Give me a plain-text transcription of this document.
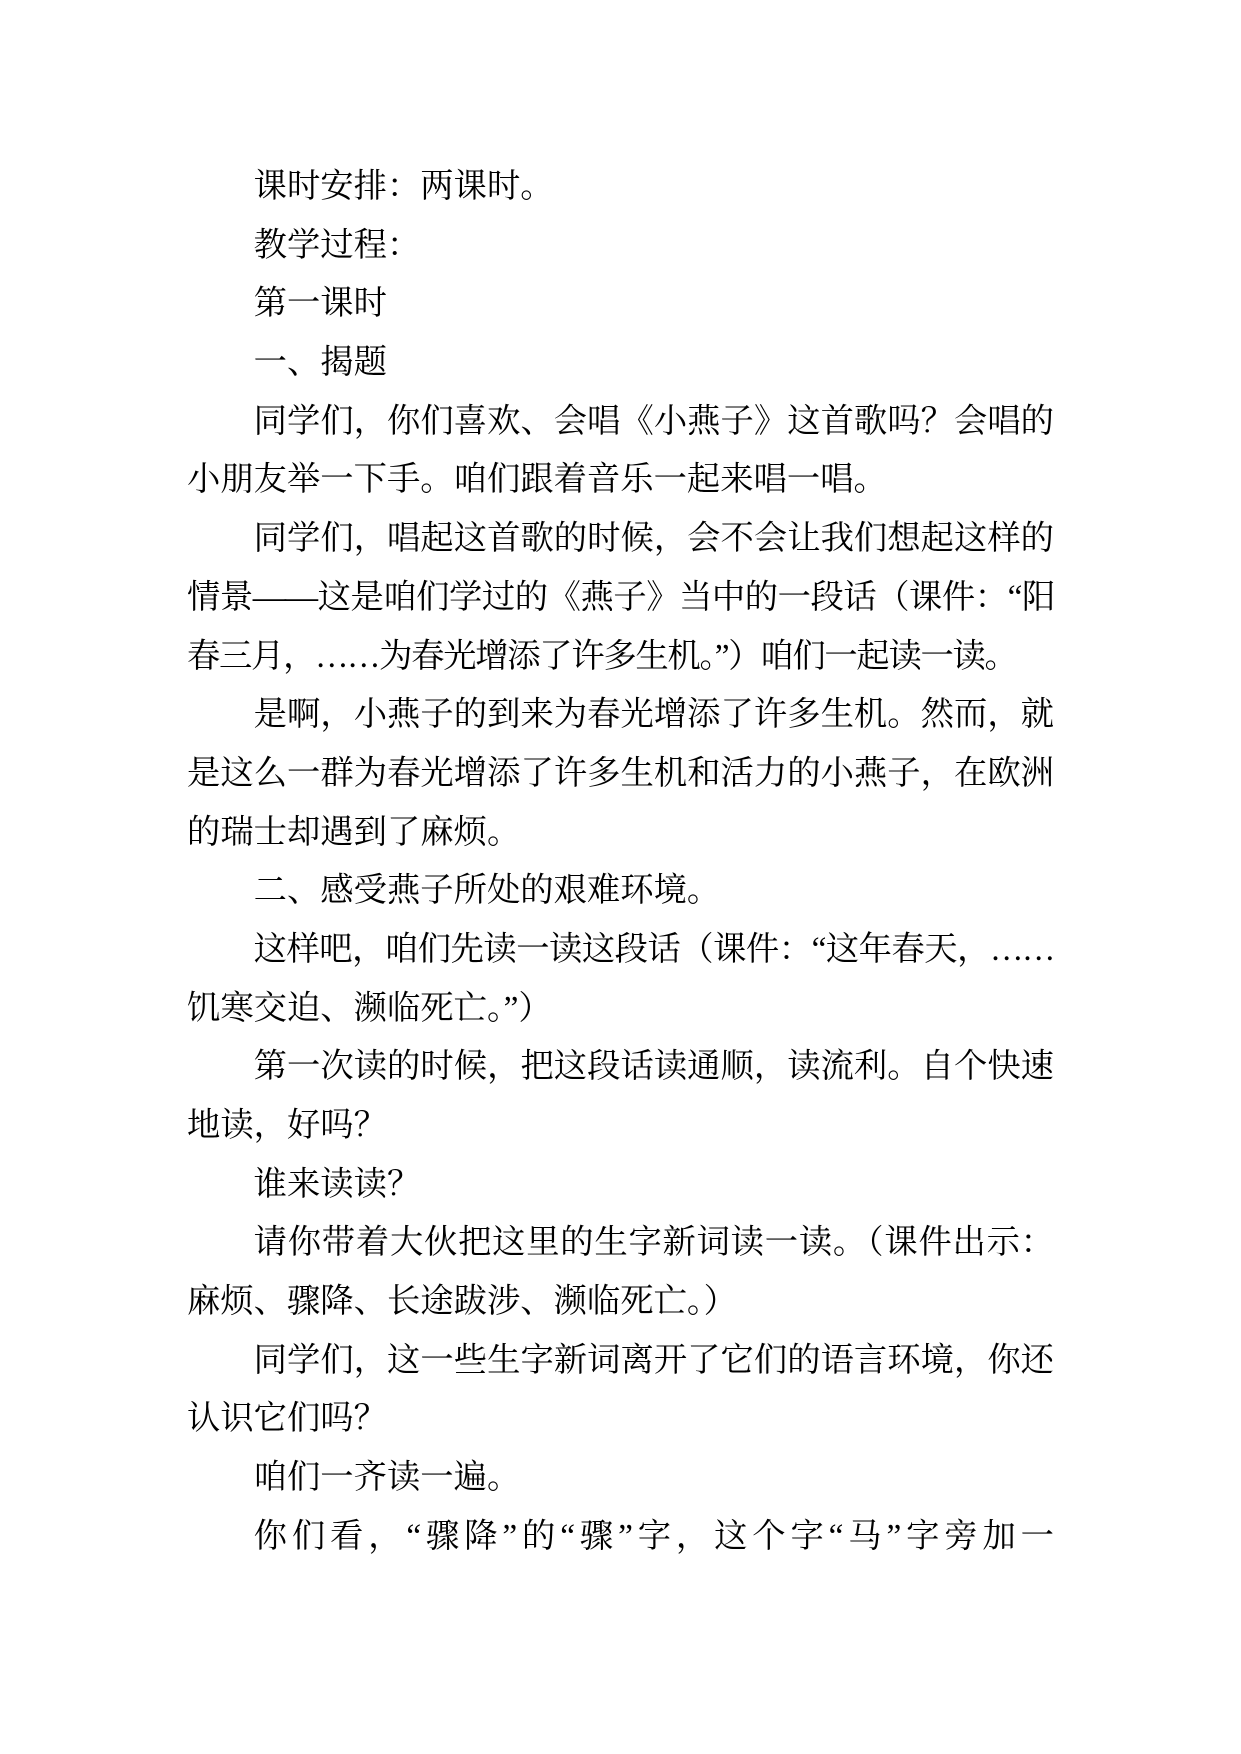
课时安排：两课时。
教学过程：
第一课时
一、揭题
同学们，你们喜欢、会唱《小燕子》这首歌吗？会唱的
小朋友举一下手。咱们跟着音乐一起来唱一唱。
同学们，唱起这首歌的时候，会不会让我们想起这样的
情景——这是咱们学过的《燕子》当中的一段话（课件：“阳
春三月，……为春光增添了许多生机。”）咱们一起读一读。
是啊，小燕子的到来为春光增添了许多生机。然而，就
是这么一群为春光增添了许多生机和活力的小燕子，在欧洲
的瑞士却遇到了麻烦。
二、感受燕子所处的艰难环境。
这样吧，咱们先读一读这段话（课件：“这年春天，……
饥寒交迫、濒临死亡。”）
第一次读的时候，把这段话读通顺，读流利。自个快速
地读，好吗？
谁来读读？
请你带着大伙把这里的生字新词读一读。（课件出示：
麻烦、骤降、长途跋涉、濒临死亡。）
同学们，这一些生字新词离开了它们的语言环境，你还
认识它们吗？
咱们一齐读一遍。
你们看，“骤降”的“骤”字，这个字“马”字旁加一
